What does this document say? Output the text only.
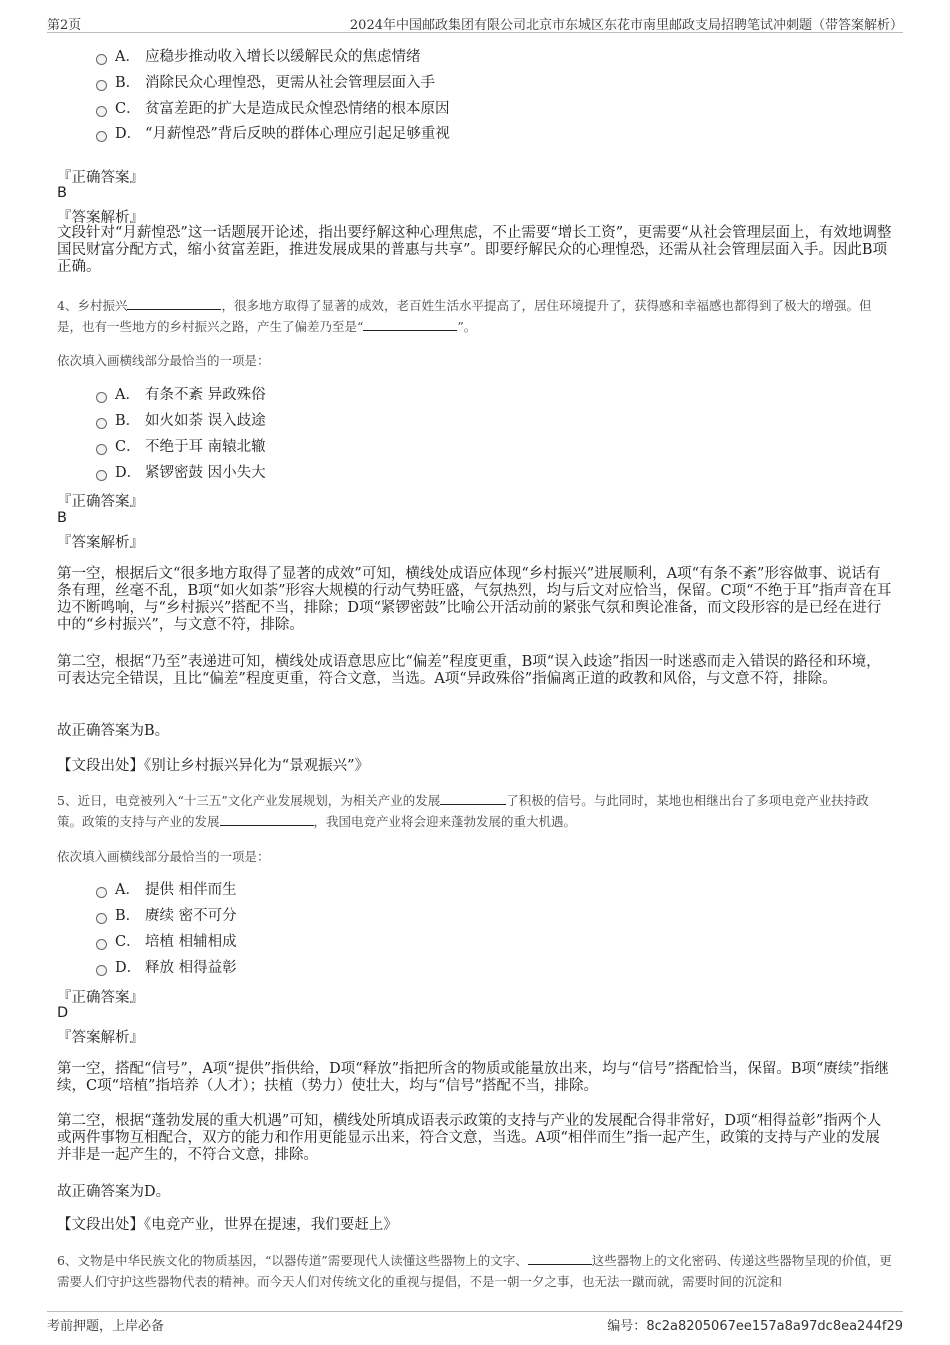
第2页	2024年中国邮政集团有限公司北京市东城区东花市南里邮政支局招聘笔试冲刺题（带答案解析）
A． 应稳步推动收入增长以缓解民众的焦虑情绪
B． 消除民众心理惶恐，更需从社会管理层面入手
C． 贫富差距的扩大是造成民众惶恐情绪的根本原因
D． “月薪惶恐”背后反映的群体心理应引起足够重视
『正确答案』
B
『答案解析』
文段针对“月薪惶恐”这一话题展开论述，指出要纾解这种心理焦虑，不止需要“增长工资”，更需要“从社会管理层面上，有效地调整国民财富分配方式，缩小贫富差距，推进发展成果的普惠与共享”。即要纾解民众的心理惶恐，还需从社会管理层面入手。因此B项正确。
4、乡村振兴	，很多地方取得了显著的成效，老百姓生活水平提高了，居住环境提升了，获得感和幸福感也都得到了极大的增强。但是，也有一些地方的乡村振兴之路，产生了偏差乃至是“	”。
依次填入画横线部分最恰当的一项是：
A． 有条不紊 异政殊俗
B． 如火如荼 误入歧途
C． 不绝于耳 南辕北辙
D． 紧锣密鼓 因小失大
『正确答案』
B
『答案解析』
第一空，根据后文“很多地方取得了显著的成效”可知，横线处成语应体现“乡村振兴”进展顺利，A项“有条不紊”形容做事、说话有条有理，丝毫不乱，B项“如火如荼”形容大规模的行动气势旺盛，气氛热烈，均与后文对应恰当，保留。C项“不绝于耳”指声音在耳边不断鸣响，与“乡村振兴”搭配不当，排除；D项“紧锣密鼓”比喻公开活动前的紧张气氛和舆论准备，而文段形容的是已经在进行中的“乡村振兴”，与文意不符，排除。
第二空，根据“乃至”表递进可知，横线处成语意思应比“偏差”程度更重，B项“误入歧途”指因一时迷惑而走入错误的路径和环境，可表达完全错误，且比“偏差”程度更重，符合文意，当选。A项“异政殊俗”指偏离正道的政教和风俗，与文意不符，排除。
故正确答案为B。
【文段出处】《别让乡村振兴异化为“景观振兴”》
5、近日，电竞被列入“十三五”文化产业发展规划，为相关产业的发展	了积极的信号。与此同时，某地也相继出台了多项电竞产业扶持政策。政策的支持与产业的发展	，我国电竞产业将会迎来蓬勃发展的重大机遇。
依次填入画横线部分最恰当的一项是：
A． 提供 相伴而生
B． 赓续 密不可分
C． 培植 相辅相成
D． 释放 相得益彰
『正确答案』
D
『答案解析』
第一空，搭配“信号”，A项“提供”指供给，D项“释放”指把所含的物质或能量放出来，均与“信号”搭配恰当，保留。B项“赓续”指继续，C项“培植”指培养（人才）；扶植（势力）使壮大，均与“信号”搭配不当，排除。
第二空，根据“蓬勃发展的重大机遇”可知，横线处所填成语表示政策的支持与产业的发展配合得非常好，D项“相得益彰”指两个人或两件事物互相配合，双方的能力和作用更能显示出来，符合文意，当选。A项“相伴而生”指一起产生，政策的支持与产业的发展并非是一起产生的，不符合文意，排除。
故正确答案为D。
【文段出处】《电竞产业，世界在提速，我们要赶上》
6、文物是中华民族文化的物质基因，“以器传道”需要现代人读懂这些器物上的文字、	这些器物上的文化密码、传递这些器物呈现的价值，更需要人们守护这些器物代表的精神。而今天人们对传统文化的重视与提倡，不是一朝一夕之事，也无法一蹴而就，需要时间的沉淀和
考前押题，上岸必备	编号：8c2a8205067ee157a8a97dc8ea244f29
